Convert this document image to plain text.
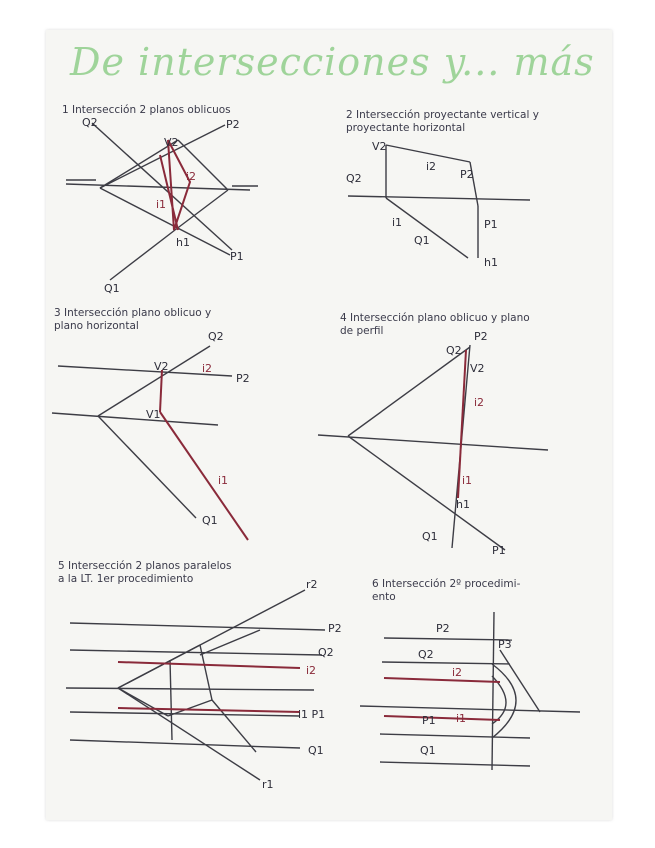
De intersecciones y... más
1 Intersección 2 planos oblicuos	2 Intersección proyectante vertical y
proyectante horizontal
3 Intersección plano oblicuo y
plano horizontal
4 Intersección plano oblicuo y plano
de perfil
5 Intersección 2 planos paralelos
a la LT. 1er procedimiento	6 Intersección 2º procedimi-
ento
Q2	P2
V2
i2
i1
h1
P1
Q1
V2
Q2
i2
P2
i1	P1
Q1
h1
Q2
V2	i2
P2
V1
i1
Q1
Q2
P2
V2
i2
i1
h1
Q1
P1
r2
P2
Q2
i2
i1 P1
Q1
r1
P2
P3
Q2
i2
P1 i1
Q1
